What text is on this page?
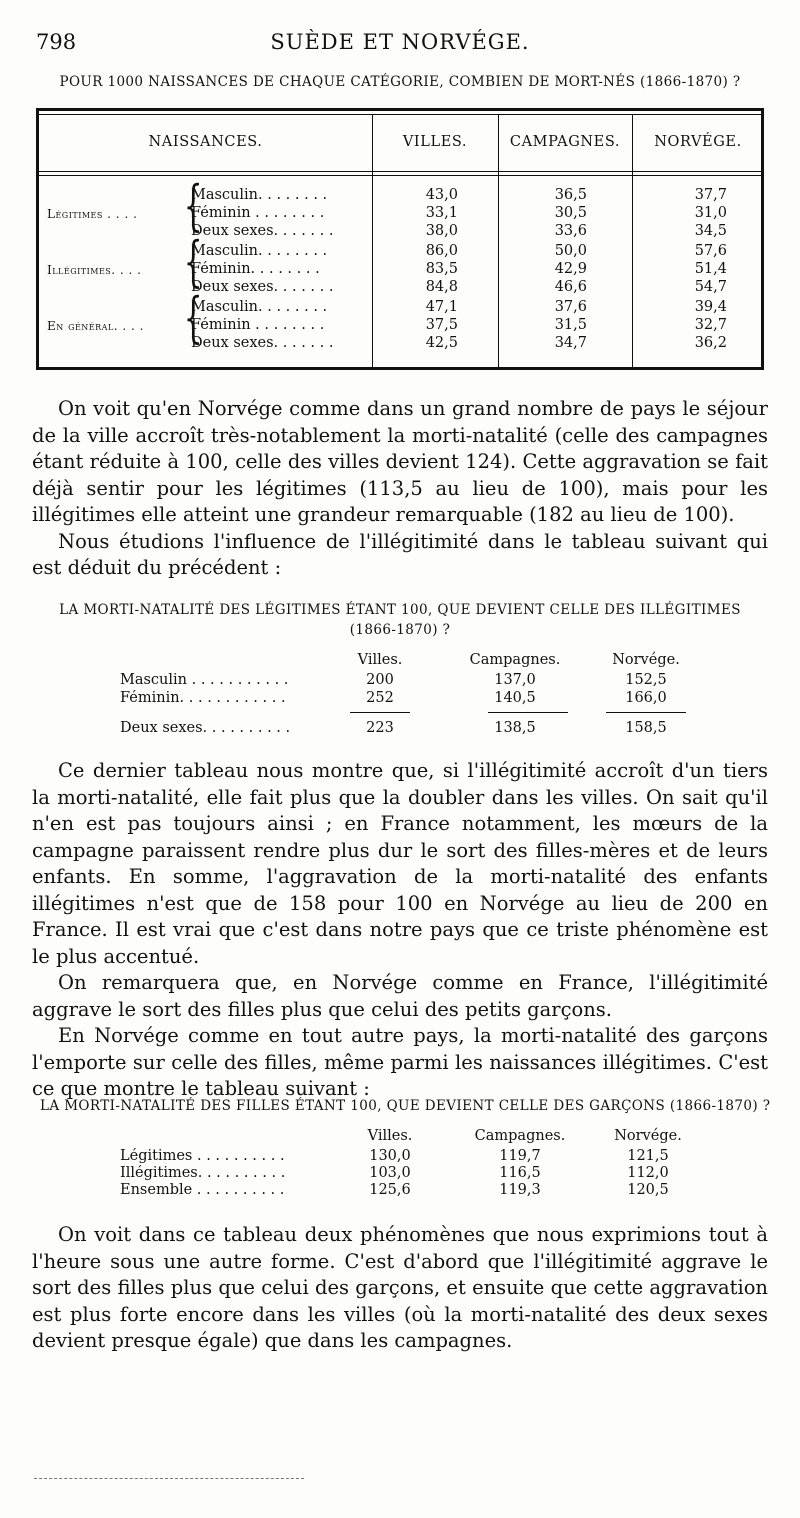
798	SUÈDE ET NORVÉGE.
POUR 1000 NAISSANCES DE CHAQUE CATÉGORIE, COMBIEN DE MORT-NÉS (1866-1870) ?
NAISSANCES.	VILLES.	CAMPAGNES.	NORVÉGE.
Légitimes . . . . {
Masculin. . . . . . . .	43,0	36,5	37,7
Féminin . . . . . . . .	33,1	30,5	31,0
Deux sexes. . . . . . .	38,0	33,6	34,5
Illégitimes. . . . {
Masculin. . . . . . . .	86,0	50,0	57,6
Féminin. . . . . . . .	83,5	42,9	51,4
Deux sexes. . . . . . .	84,8	46,6	54,7
En général. . . . {
Masculin. . . . . . . .	47,1	37,6	39,4
Féminin . . . . . . . .	37,5	31,5	32,7
Deux sexes. . . . . . .	42,5	34,7	36,2

On voit qu'en Norvége comme dans un grand nombre de pays le séjour de la ville accroît très-notablement la morti-natalité (celle des campagnes étant réduite à 100, celle des villes devient 124). Cette aggravation se fait déjà sentir pour les légitimes (113,5 au lieu de 100), mais pour les illégitimes elle atteint une grandeur remarquable (182 au lieu de 100).

Nous étudions l'influence de l'illégitimité dans le tableau suivant qui est déduit du précédent :

LA MORTI-NATALITÉ DES LÉGITIMES ÉTANT 100, QUE DEVIENT CELLE DES ILLÉGITIMES
(1866-1870) ?
Villes.	Campagnes.	Norvége.
Masculin . . . . . . . . . . .	200	137,0	152,5
Féminin. . . . . . . . . . . .	252	140,5	166,0
Deux sexes. . . . . . . . . .	223	138,5	158,5

Ce dernier tableau nous montre que, si l'illégitimité accroît d'un tiers la morti-natalité, elle fait plus que la doubler dans les villes. On sait qu'il n'en est pas toujours ainsi ; en France notamment, les mœurs de la campagne paraissent rendre plus dur le sort des filles-mères et de leurs enfants. En somme, l'aggravation de la morti-natalité des enfants illégitimes n'est que de 158 pour 100 en Norvége au lieu de 200 en France. Il est vrai que c'est dans notre pays que ce triste phénomène est le plus accentué.

On remarquera que, en Norvége comme en France, l'illégitimité aggrave le sort des filles plus que celui des petits garçons.

En Norvége comme en tout autre pays, la morti-natalité des garçons l'emporte sur celle des filles, même parmi les naissances illégitimes. C'est ce que montre le tableau suivant :

LA MORTI-NATALITÉ DES FILLES ÉTANT 100, QUE DEVIENT CELLE DES GARÇONS (1866-1870) ?
Villes.	Campagnes.	Norvége.
Légitimes . . . . . . . . . .	130,0	119,7	121,5
Illégitimes. . . . . . . . . .	103,0	116,5	112,0
Ensemble . . . . . . . . . .	125,6	119,3	120,5

On voit dans ce tableau deux phénomènes que nous exprimions tout à l'heure sous une autre forme. C'est d'abord que l'illégitimité aggrave le sort des filles plus que celui des garçons, et ensuite que cette aggravation est plus forte encore dans les villes (où la morti-natalité des deux sexes devient presque égale) que dans les campagnes.
